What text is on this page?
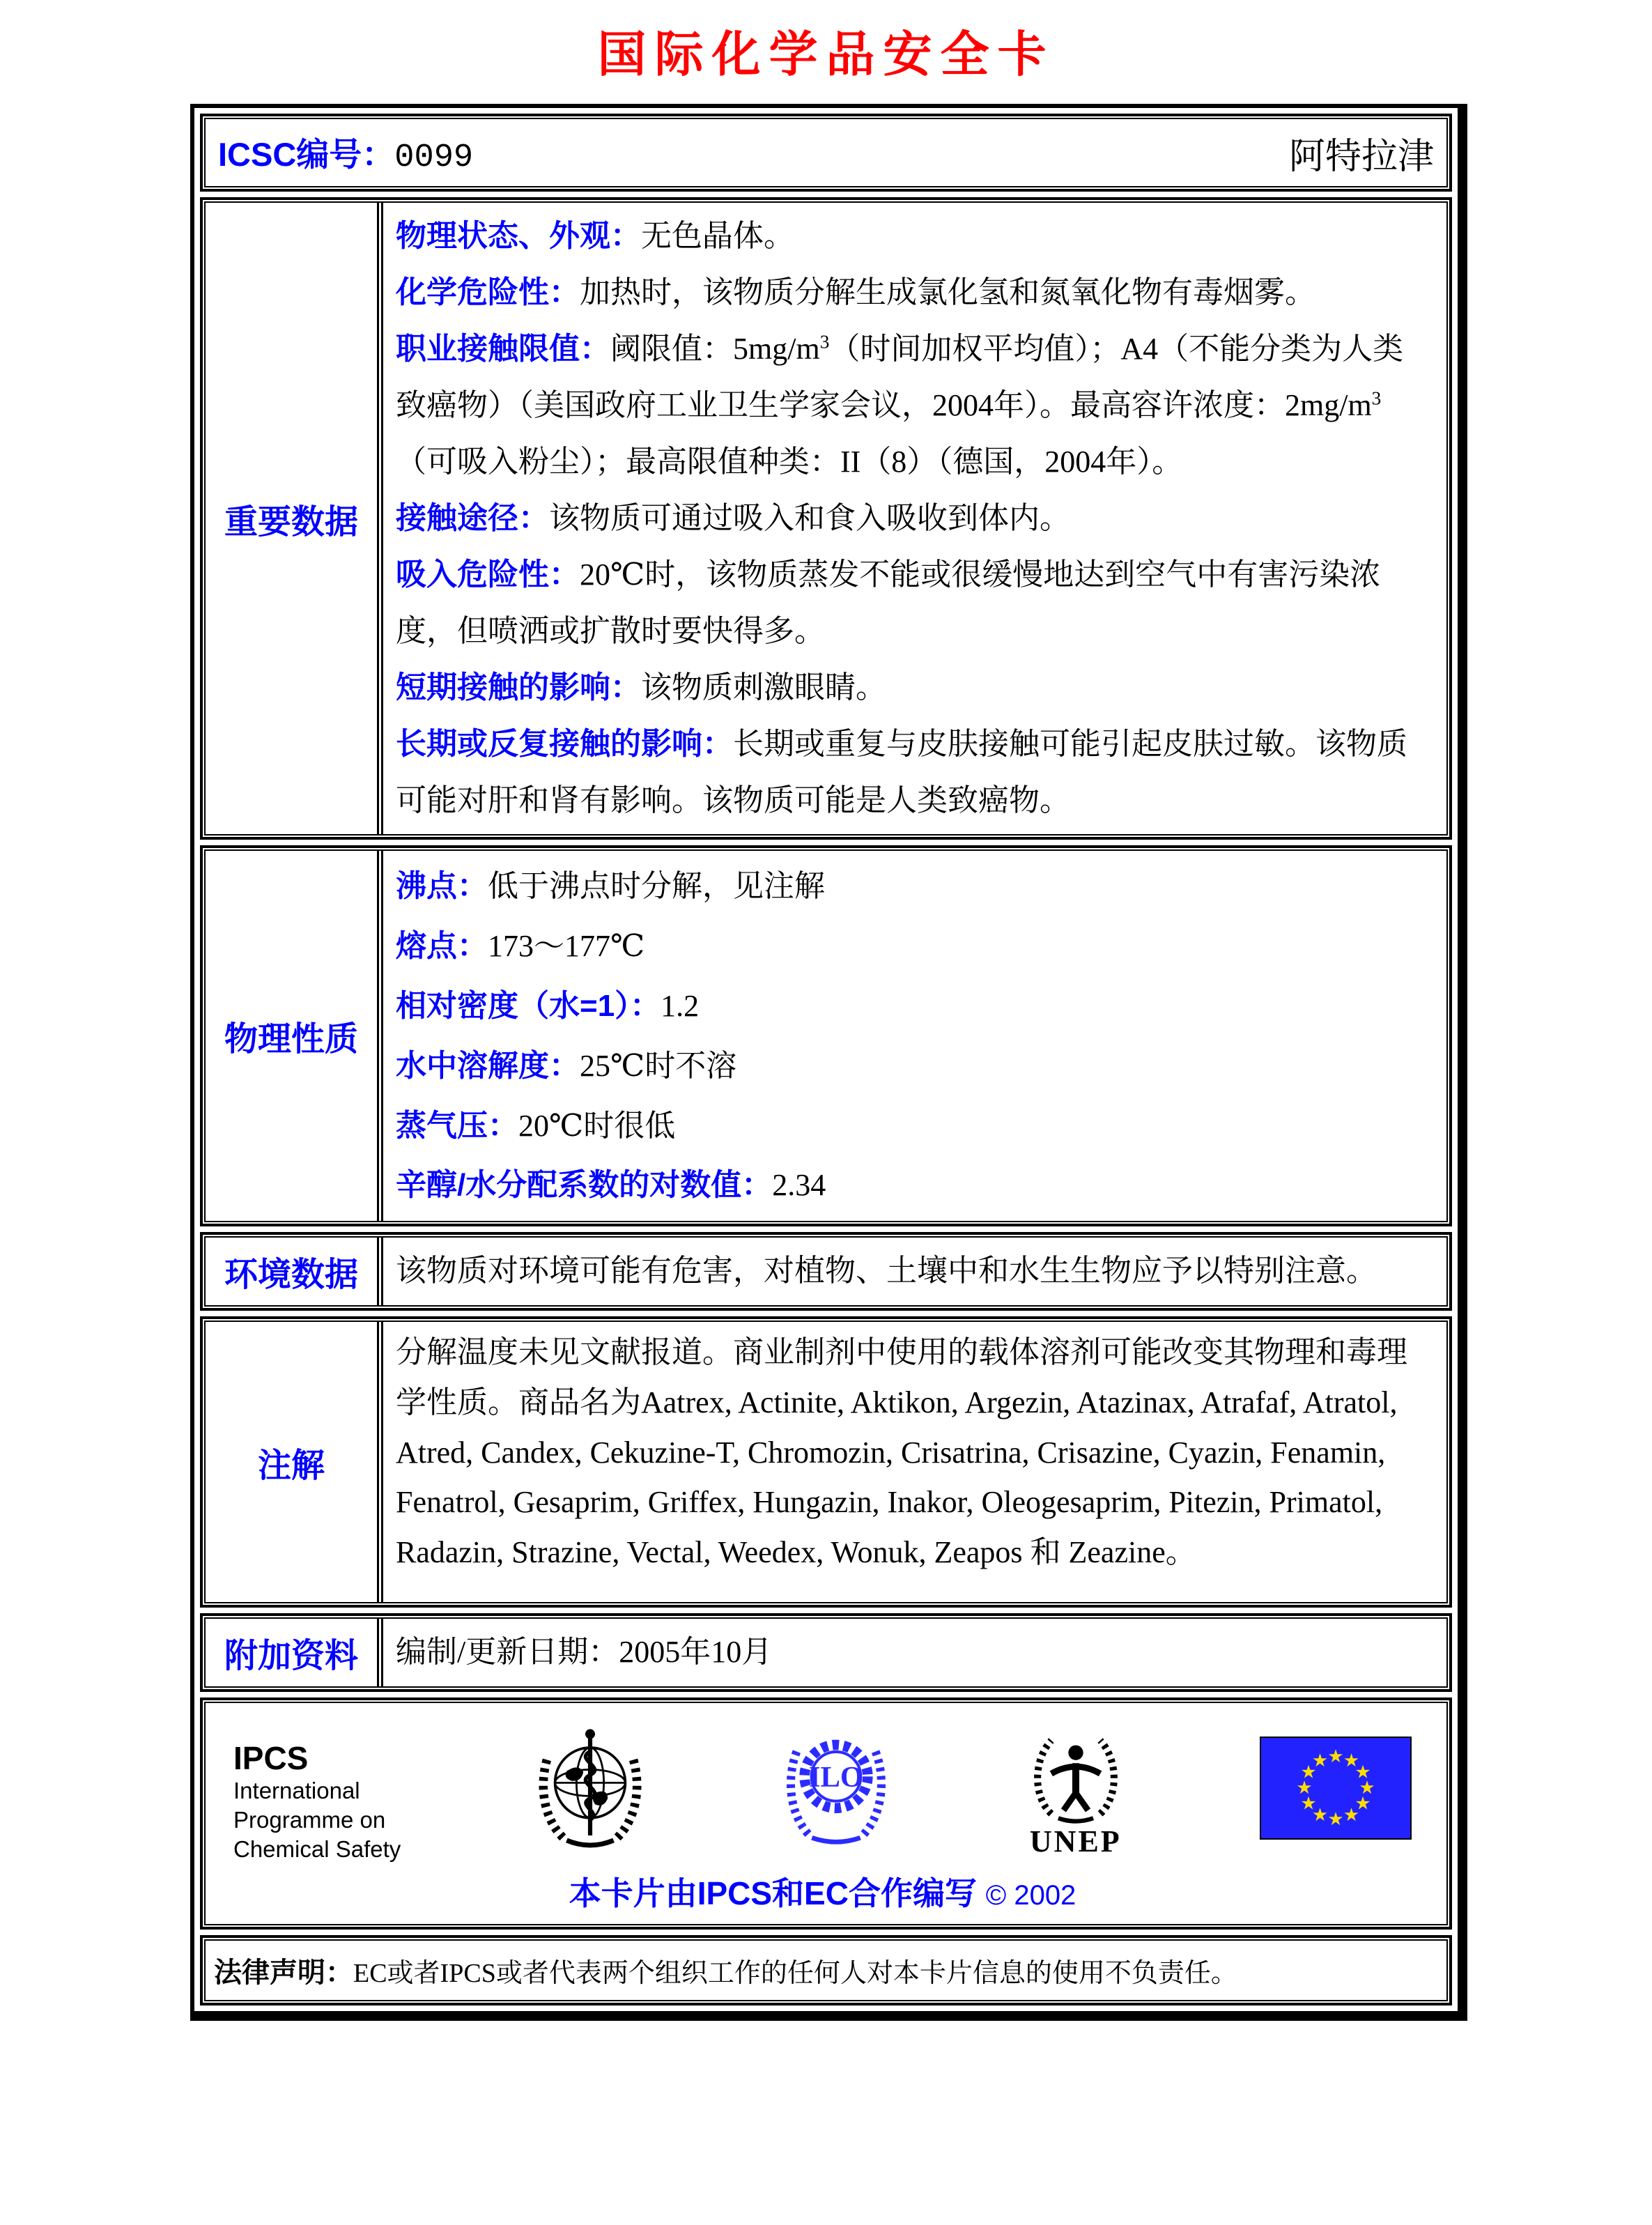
国际化学品安全卡
ICSC编号：0099	阿特拉津
重要数据

物理状态、外观：无色晶体。

化学危险性：加热时，该物质分解生成氯化氢和氮氧化物有毒烟雾。

职业接触限值：阈限值：$5mg/m^3$（时间加权平均值）；A4（不能分类为人类致癌物）（美国政府工业卫生学家会议，2004年）。最高容许浓度：$2mg/m^3$（可吸入粉尘）；最高限值种类：II（8）（德国，2004年）。

接触途径：该物质可通过吸入和食入吸收到体内。

吸入危险性：20℃时，该物质蒸发不能或很缓慢地达到空气中有害污染浓度，但喷洒或扩散时要快得多。

短期接触的影响：该物质刺激眼睛。

长期或反复接触的影响：长期或重复与皮肤接触可能引起皮肤过敏。该物质可能对肝和肾有影响。该物质可能是人类致癌物。

物理性质

沸点：低于沸点时分解，见注解

熔点：173～177℃

相对密度（水=1）：1.2

水中溶解度：25℃时不溶

蒸气压：20℃时很低

辛醇/水分配系数的对数值：2.34

环境数据 该物质对环境可能有危害，对植物、土壤中和水生生物应予以特别注意。

注解

分解温度未见文献报道。商业制剂中使用的载体溶剂可能改变其物理和毒理学性质。商品名为Aatrex, Actinite, Aktikon, Argezin, Atazinax, Atrafaf, Atratol, Atred, Candex, Cekuzine-T, Chromozin, Crisatrina, Crisazine, Cyazin, Fenamin, Fenatrol, Gesaprim, Griffex, Hungazin, Inakor, Oleogesaprim, Pitezin, Primatol, Radazin, Strazine, Vectal, Weedex, Wonuk, Zeapos 和 Zeazine。

附加资料 编制/更新日期：2005年10月

IPCS
International
Programme on
Chemical Safety
ILO
UNEP
★ ★
★
★
★
★
★
★
★
★
★
★
本卡片由IPCS和EC合作编写 © 2002

法律声明：EC或者IPCS或者代表两个组织工作的任何人对本卡片信息的使用不负责任。
